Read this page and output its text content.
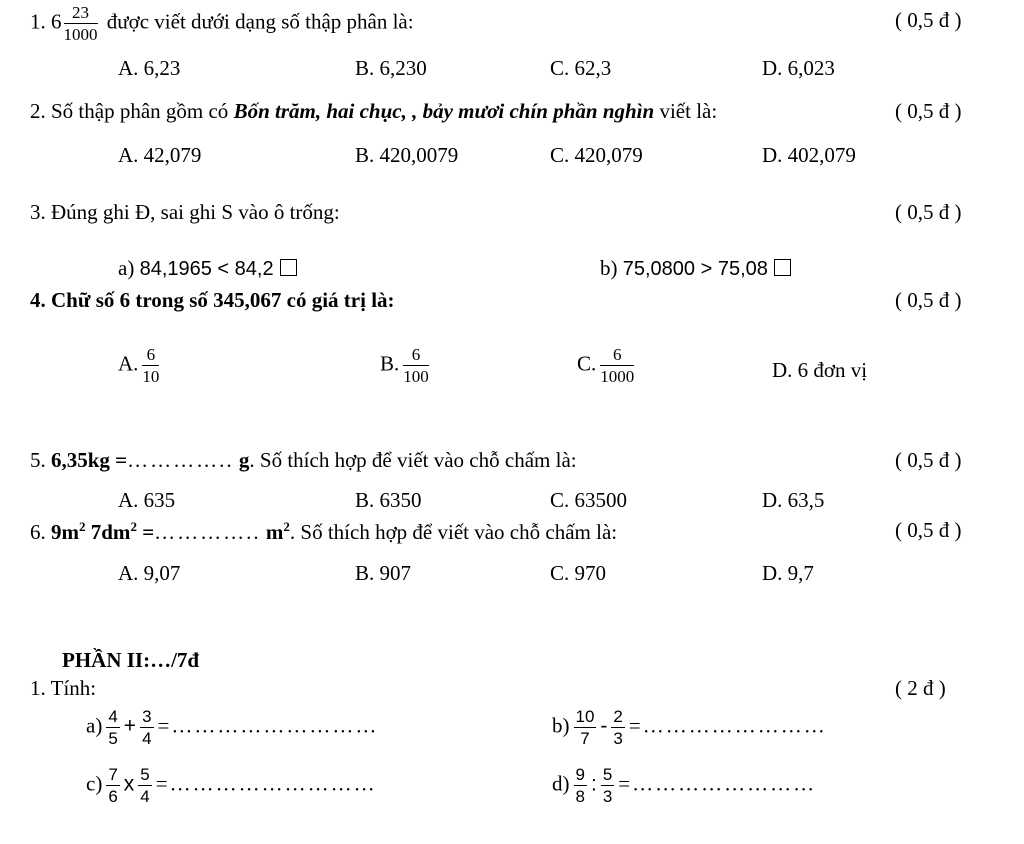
1. $6 \frac{23}{1000}$ được viết dưới dạng số thập phân là:	( 0,5 đ )
A. 6,23	B. 6,230	C. 62,3	D. 6,023
2. Số thập phân gồm có Bốn trăm, hai chục, , bảy mươi chín phần nghìn viết là:	( 0,5 đ )
A. 42,079	B. 420,0079	C. 420,079	D. 402,079
3. Đúng ghi Đ, sai ghi S vào ô trống:	( 0,5 đ )
a) 84,1965 < 84,2	b) 75,0800 > 75,08
4. Chữ số 6 trong số 345,067 có giá trị là:	( 0,5 đ )
A. $\frac{6}{10}$	B. $\frac{6}{100}$	C. $\frac{6}{1000}$	D. 6 đơn vị
5. 6,35kg =………….. g. Số thích hợp để viết vào chỗ chấm là:	( 0,5 đ )
A. 635	B. 6350	C. 63500	D. 63,5
6. $9m^2$ $7dm^2$ =………….. $m^2$. Số thích hợp để viết vào chỗ chấm là:	( 0,5 đ )
A. 9,07	B. 907	C. 970	D. 9,7
PHẦN II:…/7đ
1. Tính:	( 2 đ )
$a) \frac{4}{5} + \frac{3}{4}$ =………………………	$b) \frac{10}{7} - \frac{2}{3}$ =……………………
$c) \frac{7}{6}$ x $\frac{5}{4}$ =………………………	$d) \frac{9}{8}$ : $\frac{5}{3}$ =……………………
